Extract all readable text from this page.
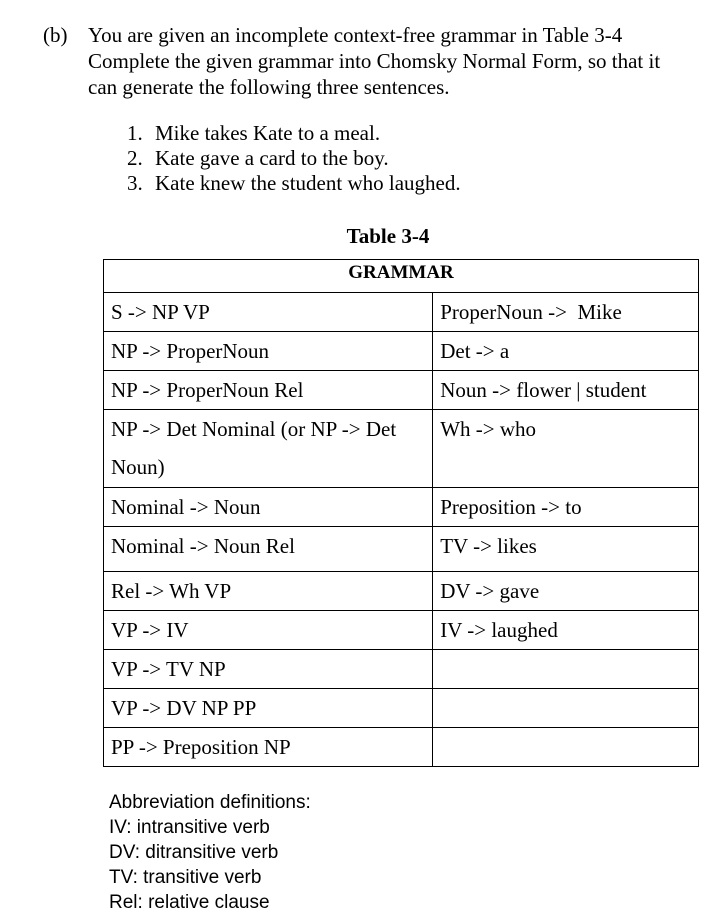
(b) You are given an incomplete context-free grammar in Table 3-4
Complete the given grammar into Chomsky Normal Form, so that it
can generate the following three sentences.
1. Mike takes Kate to a meal.
2. Kate gave a card to the boy.
3. Kate knew the student who laughed.
Table 3-4
GRAMMAR	
S -> NP VP	ProperNoun ->  Mike
NP -> ProperNoun	Det -> a
NP -> ProperNoun Rel	Noun -> flower | student

NP -> Det Nominal (or NP -> Det
Noun)	Wh -> who
Nominal -> Noun	Preposition -> to
Nominal -> Noun Rel	TV -> likes
Rel -> Wh VP	DV -> gave
VP -> IV	IV -> laughed
VP -> TV NP	
VP -> DV NP PP	
PP -> Preposition NP	
Abbreviation definitions:
IV: intransitive verb
DV: ditransitive verb
TV: transitive verb
Rel: relative clause
